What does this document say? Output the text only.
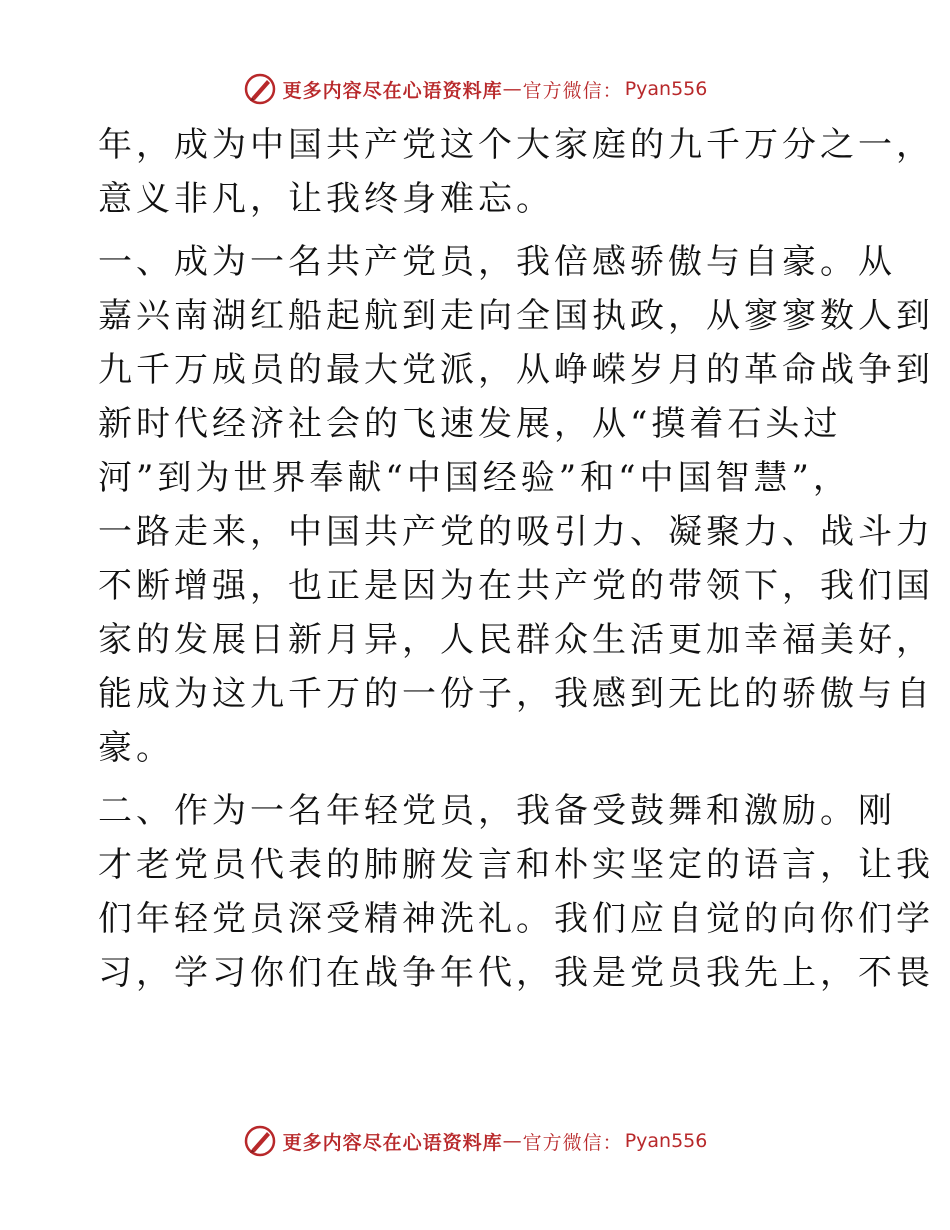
更多内容尽在心语资料库 — 官方微信： Pyan556
年，成为中国共产党这个大家庭的九千万分之一，
意义非凡，让我终身难忘。
一、成为一名共产党员，我倍感骄傲与自豪。从
嘉兴南湖红船起航到走向全国执政，从寥寥数人到
九千万成员的最大党派，从峥嵘岁月的革命战争到
新时代经济社会的飞速发展，从“摸着石头过
河”到为世界奉献“中国经验”和“中国智慧”，
一路走来，中国共产党的吸引力、凝聚力、战斗力
不断增强，也正是因为在共产党的带领下，我们国
家的发展日新月异，人民群众生活更加幸福美好，
能成为这九千万的一份子，我感到无比的骄傲与自
豪。
二、作为一名年轻党员，我备受鼓舞和激励。刚
才老党员代表的肺腑发言和朴实坚定的语言，让我
们年轻党员深受精神洗礼。我们应自觉的向你们学
习，学习你们在战争年代，我是党员我先上，不畏
更多内容尽在心语资料库 — 官方微信： Pyan556
